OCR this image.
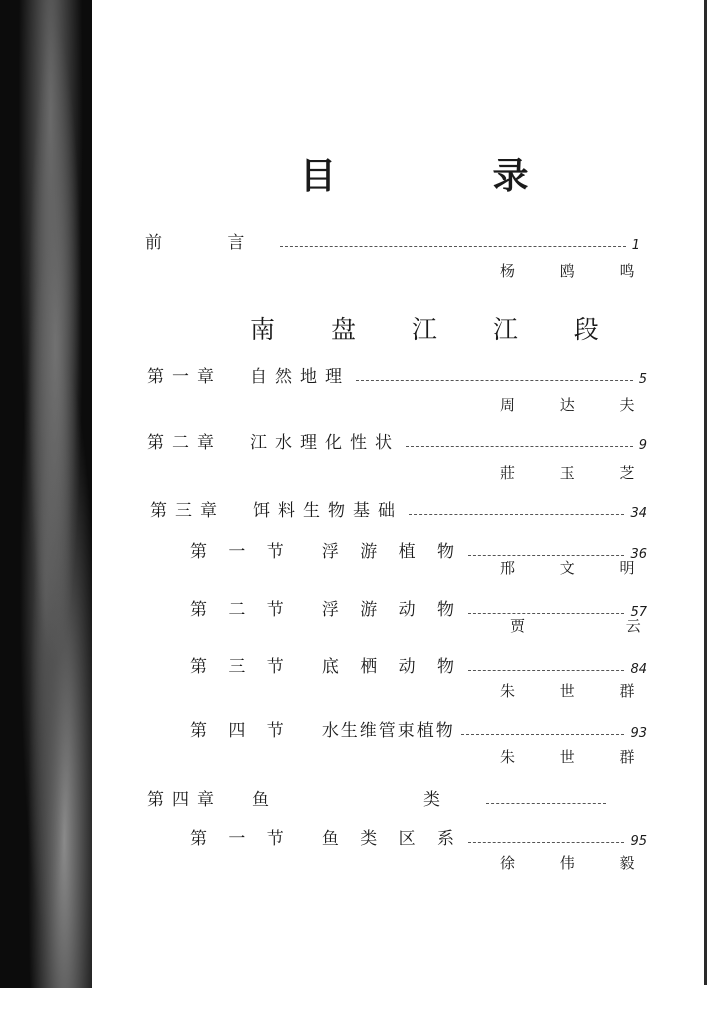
目 录
前 言	1
杨 鸥 鸣
南 盘 江 江 段
第一章 自然地理	5
周 达 夫
第二章 江水理化性状	9
莊 玉 芝
第三章 饵料生物基础	34
第 一 节 浮 游 植 物	36
邢 文 明
第 二 节 浮 游 动 物	57
贾 云
第 三 节 底 栖 动 物	84
朱 世 群
第 四 节 水生维管束植物	93
朱 世 群
第四章 鱼　　类
第 一 节 鱼 类 区 系	95
徐 伟 毅
